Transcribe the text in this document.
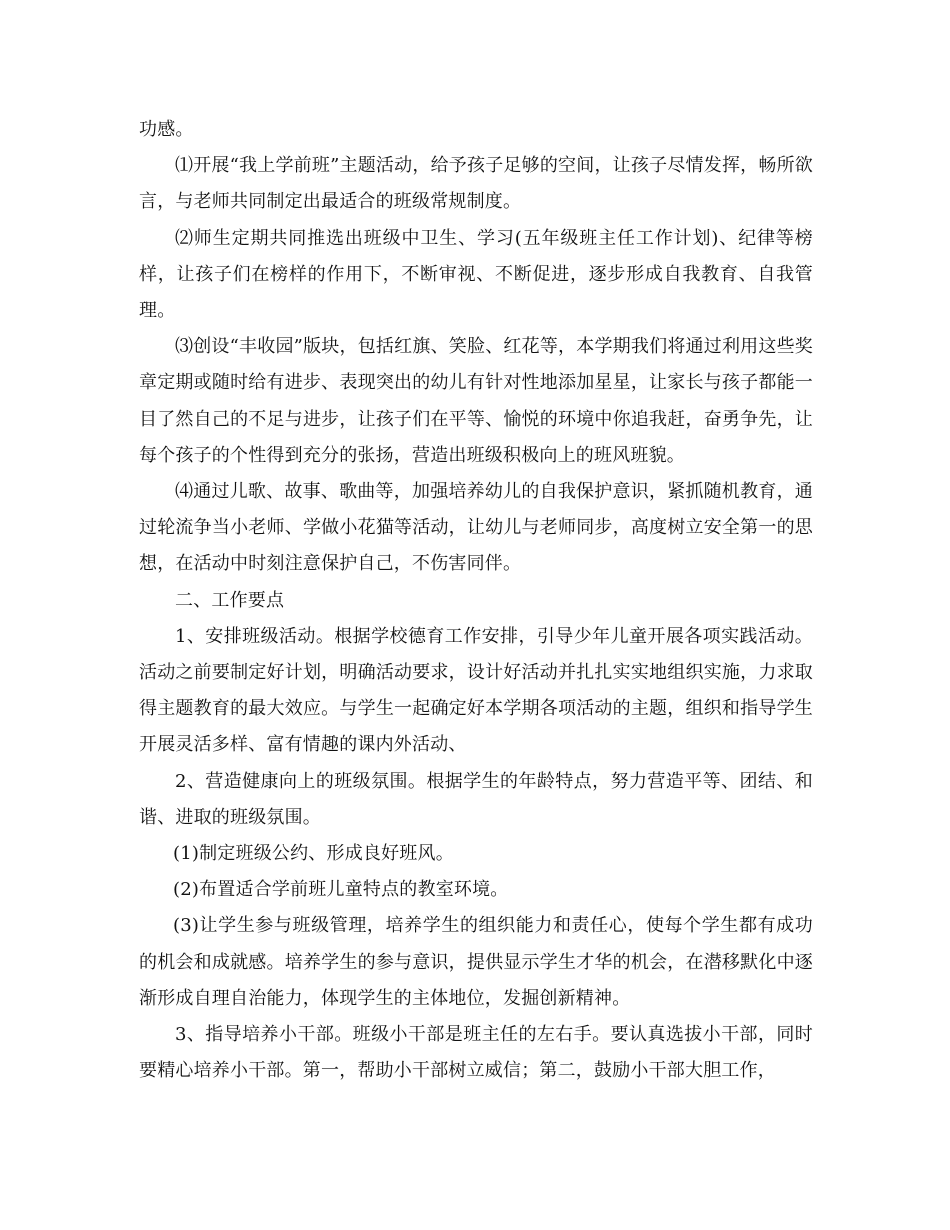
功感。

⑴开展“我上学前班”主题活动，给予孩子足够的空间，让孩子尽情发挥，畅所欲言，与老师共同制定出最适合的班级常规制度。

⑵师生定期共同推选出班级中卫生、学习(五年级班主任工作计划)、纪律等榜样，让孩子们在榜样的作用下，不断审视、不断促进，逐步形成自我教育、自我管理。

⑶创设“丰收园”版块，包括红旗、笑脸、红花等，本学期我们将通过利用这些奖章定期或随时给有进步、表现突出的幼儿有针对性地添加星星，让家长与孩子都能一目了然自己的不足与进步，让孩子们在平等、愉悦的环境中你追我赶，奋勇争先，让每个孩子的个性得到充分的张扬，营造出班级积极向上的班风班貌。

⑷通过儿歌、故事、歌曲等，加强培养幼儿的自我保护意识，紧抓随机教育，通过轮流争当小老师、学做小花猫等活动，让幼儿与老师同步，高度树立安全第一的思想，在活动中时刻注意保护自己，不伤害同伴。

二、工作要点

1、安排班级活动。根据学校德育工作安排，引导少年儿童开展各项实践活动。活动之前要制定好计划，明确活动要求，设计好活动并扎扎实实地组织实施，力求取得主题教育的最大效应。与学生一起确定好本学期各项活动的主题，组织和指导学生开展灵活多样、富有情趣的课内外活动、

2、营造健康向上的班级氛围。根据学生的年龄特点，努力营造平等、团结、和谐、进取的班级氛围。

(1)制定班级公约、形成良好班风。

(2)布置适合学前班儿童特点的教室环境。

(3)让学生参与班级管理，培养学生的组织能力和责任心，使每个学生都有成功的机会和成就感。培养学生的参与意识，提供显示学生才华的机会，在潜移默化中逐渐形成自理自治能力，体现学生的主体地位，发掘创新精神。

3、指导培养小干部。班级小干部是班主任的左右手。要认真选拔小干部，同时要精心培养小干部。第一，帮助小干部树立威信；第二，鼓励小干部大胆工作，
